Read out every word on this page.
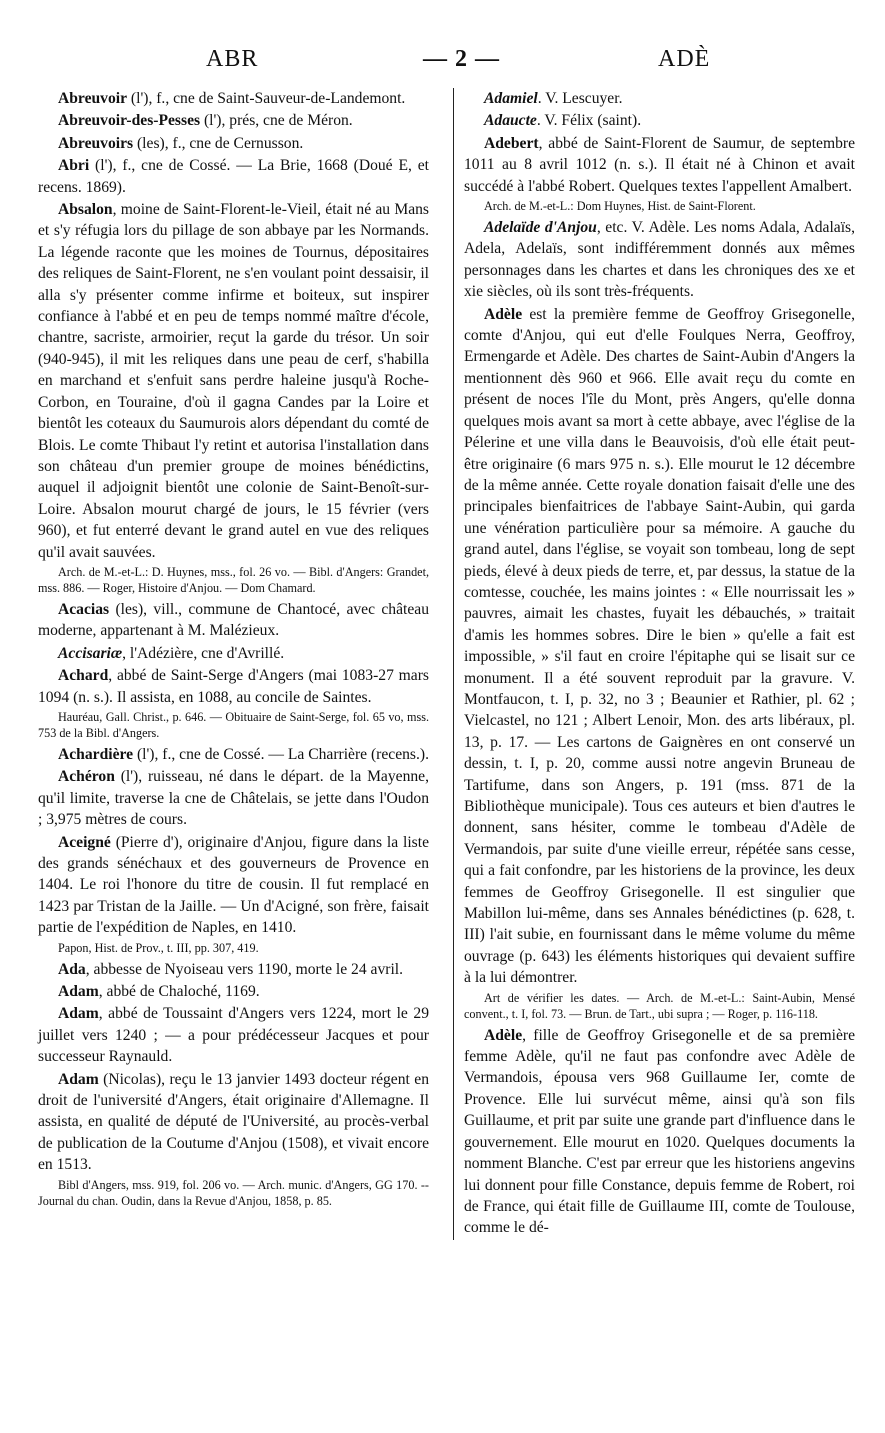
ABR	— 2 —	ADÈ

Abreuvoir (l'), f., cne de Saint-Sauveur-de-Landemont.

Abreuvoir-des-Pesses (l'), prés, cne de Méron.

Abreuvoirs (les), f., cne de Cernusson.

Abri (l'), f., cne de Cossé. — La Brie, 1668 (Doué E, et recens. 1869).

Absalon, moine de Saint-Florent-le-Vieil, était né au Mans et s'y réfugia lors du pillage de son abbaye par les Normands. La légende raconte que les moines de Tournus, dépositaires des reliques de Saint-Florent, ne s'en voulant point dessaisir, il alla s'y présenter comme infirme et boiteux, sut inspirer confiance à l'abbé et en peu de temps nommé maître d'école, chantre, sacriste, armoirier, reçut la garde du trésor. Un soir (940-945), il mit les reliques dans une peau de cerf, s'habilla en marchand et s'enfuit sans perdre haleine jusqu'à Roche-Corbon, en Touraine, d'où il gagna Candes par la Loire et bientôt les coteaux du Saumurois alors dépendant du comté de Blois. Le comte Thibaut l'y retint et autorisa l'installation dans son château d'un premier groupe de moines bénédictins, auquel il adjoignit bientôt une colonie de Saint-Benoît-sur-Loire. Absalon mourut chargé de jours, le 15 février (vers 960), et fut enterré devant le grand autel en vue des reliques qu'il avait sauvées.

Arch. de M.-et-L.: D. Huynes, mss., fol. 26 vo. — Bibl. d'Angers: Grandet, mss. 886. — Roger, Histoire d'Anjou. — Dom Chamard.

Acacias (les), vill., commune de Chantocé, avec château moderne, appartenant à M. Malézieux.

Accisariæ, l'Adézière, cne d'Avrillé.

Achard, abbé de Saint-Serge d'Angers (mai 1083-27 mars 1094 (n. s.). Il assista, en 1088, au concile de Saintes.

Hauréau, Gall. Christ., p. 646. — Obituaire de Saint-Serge, fol. 65 vo, mss. 753 de la Bibl. d'Angers.

Achardière (l'), f., cne de Cossé. — La Charrière (recens.).

Achéron (l'), ruisseau, né dans le départ. de la Mayenne, qu'il limite, traverse la cne de Châtelais, se jette dans l'Oudon ; 3,975 mètres de cours.

Aceigné (Pierre d'), originaire d'Anjou, figure dans la liste des grands sénéchaux et des gouverneurs de Provence en 1404. Le roi l'honore du titre de cousin. Il fut remplacé en 1423 par Tristan de la Jaille. — Un d'Acigné, son frère, faisait partie de l'expédition de Naples, en 1410.

Papon, Hist. de Prov., t. III, pp. 307, 419.

Ada, abbesse de Nyoiseau vers 1190, morte le 24 avril.

Adam, abbé de Chaloché, 1169.

Adam, abbé de Toussaint d'Angers vers 1224, mort le 29 juillet vers 1240 ; — a pour prédécesseur Jacques et pour successeur Raynauld.

Adam (Nicolas), reçu le 13 janvier 1493 docteur régent en droit de l'université d'Angers, était originaire d'Allemagne. Il assista, en qualité de député de l'Université, au procès-verbal de publication de la Coutume d'Anjou (1508), et vivait encore en 1513.

Bibl d'Angers, mss. 919, fol. 206 vo. — Arch. munic. d'Angers, GG 170. -- Journal du chan. Oudin, dans la Revue d'Anjou, 1858, p. 85.

Adamiel. V. Lescuyer.

Adaucte. V. Félix (saint).

Adebert, abbé de Saint-Florent de Saumur, de septembre 1011 au 8 avril 1012 (n. s.). Il était né à Chinon et avait succédé à l'abbé Robert. Quelques textes l'appellent Amalbert.

Arch. de M.-et-L.: Dom Huynes, Hist. de Saint-Florent.

Adelaïde d'Anjou, etc. V. Adèle. Les noms Adala, Adalaïs, Adela, Adelaïs, sont indifféremment donnés aux mêmes personnages dans les chartes et dans les chroniques des xe et xie siècles, où ils sont très-fréquents.

Adèle est la première femme de Geoffroy Grisegonelle, comte d'Anjou, qui eut d'elle Foulques Nerra, Geoffroy, Ermengarde et Adèle. Des chartes de Saint-Aubin d'Angers la mentionnent dès 960 et 966. Elle avait reçu du comte en présent de noces l'île du Mont, près Angers, qu'elle donna quelques mois avant sa mort à cette abbaye, avec l'église de la Pélerine et une villa dans le Beauvoisis, d'où elle était peut-être originaire (6 mars 975 n. s.). Elle mourut le 12 décembre de la même année. Cette royale donation faisait d'elle une des principales bienfaitrices de l'abbaye Saint-Aubin, qui garda une vénération particulière pour sa mémoire. A gauche du grand autel, dans l'église, se voyait son tombeau, long de sept pieds, élevé à deux pieds de terre, et, par dessus, la statue de la comtesse, couchée, les mains jointes : « Elle nourrissait les » pauvres, aimait les chastes, fuyait les débauchés, » traitait d'amis les hommes sobres. Dire le bien » qu'elle a fait est impossible, » s'il faut en croire l'épitaphe qui se lisait sur ce monument. Il a été souvent reproduit par la gravure. V. Montfaucon, t. I, p. 32, no 3 ; Beaunier et Rathier, pl. 62 ; Vielcastel, no 121 ; Albert Lenoir, Mon. des arts libéraux, pl. 13, p. 17. — Les cartons de Gaignères en ont conservé un dessin, t. I, p. 20, comme aussi notre angevin Bruneau de Tartifume, dans son Angers, p. 191 (mss. 871 de la Bibliothèque municipale). Tous ces auteurs et bien d'autres le donnent, sans hésiter, comme le tombeau d'Adèle de Vermandois, par suite d'une vieille erreur, répétée sans cesse, qui a fait confondre, par les historiens de la province, les deux femmes de Geoffroy Grisegonelle. Il est singulier que Mabillon lui-même, dans ses Annales bénédictines (p. 628, t. III) l'ait subie, en fournissant dans le même volume du même ouvrage (p. 643) les éléments historiques qui devaient suffire à la lui démontrer.

Art de vérifier les dates. — Arch. de M.-et-L.: Saint-Aubin, Mensé convent., t. I, fol. 73. — Brun. de Tart., ubi supra ; — Roger, p. 116-118.

Adèle, fille de Geoffroy Grisegonelle et de sa première femme Adèle, qu'il ne faut pas confondre avec Adèle de Vermandois, épousa vers 968 Guillaume Ier, comte de Provence. Elle lui survécut même, ainsi qu'à son fils Guillaume, et prit par suite une grande part d'influence dans le gouvernement. Elle mourut en 1020. Quelques documents la nomment Blanche. C'est par erreur que les historiens angevins lui donnent pour fille Constance, depuis femme de Robert, roi de France, qui était fille de Guillaume III, comte de Toulouse, comme le dé-
